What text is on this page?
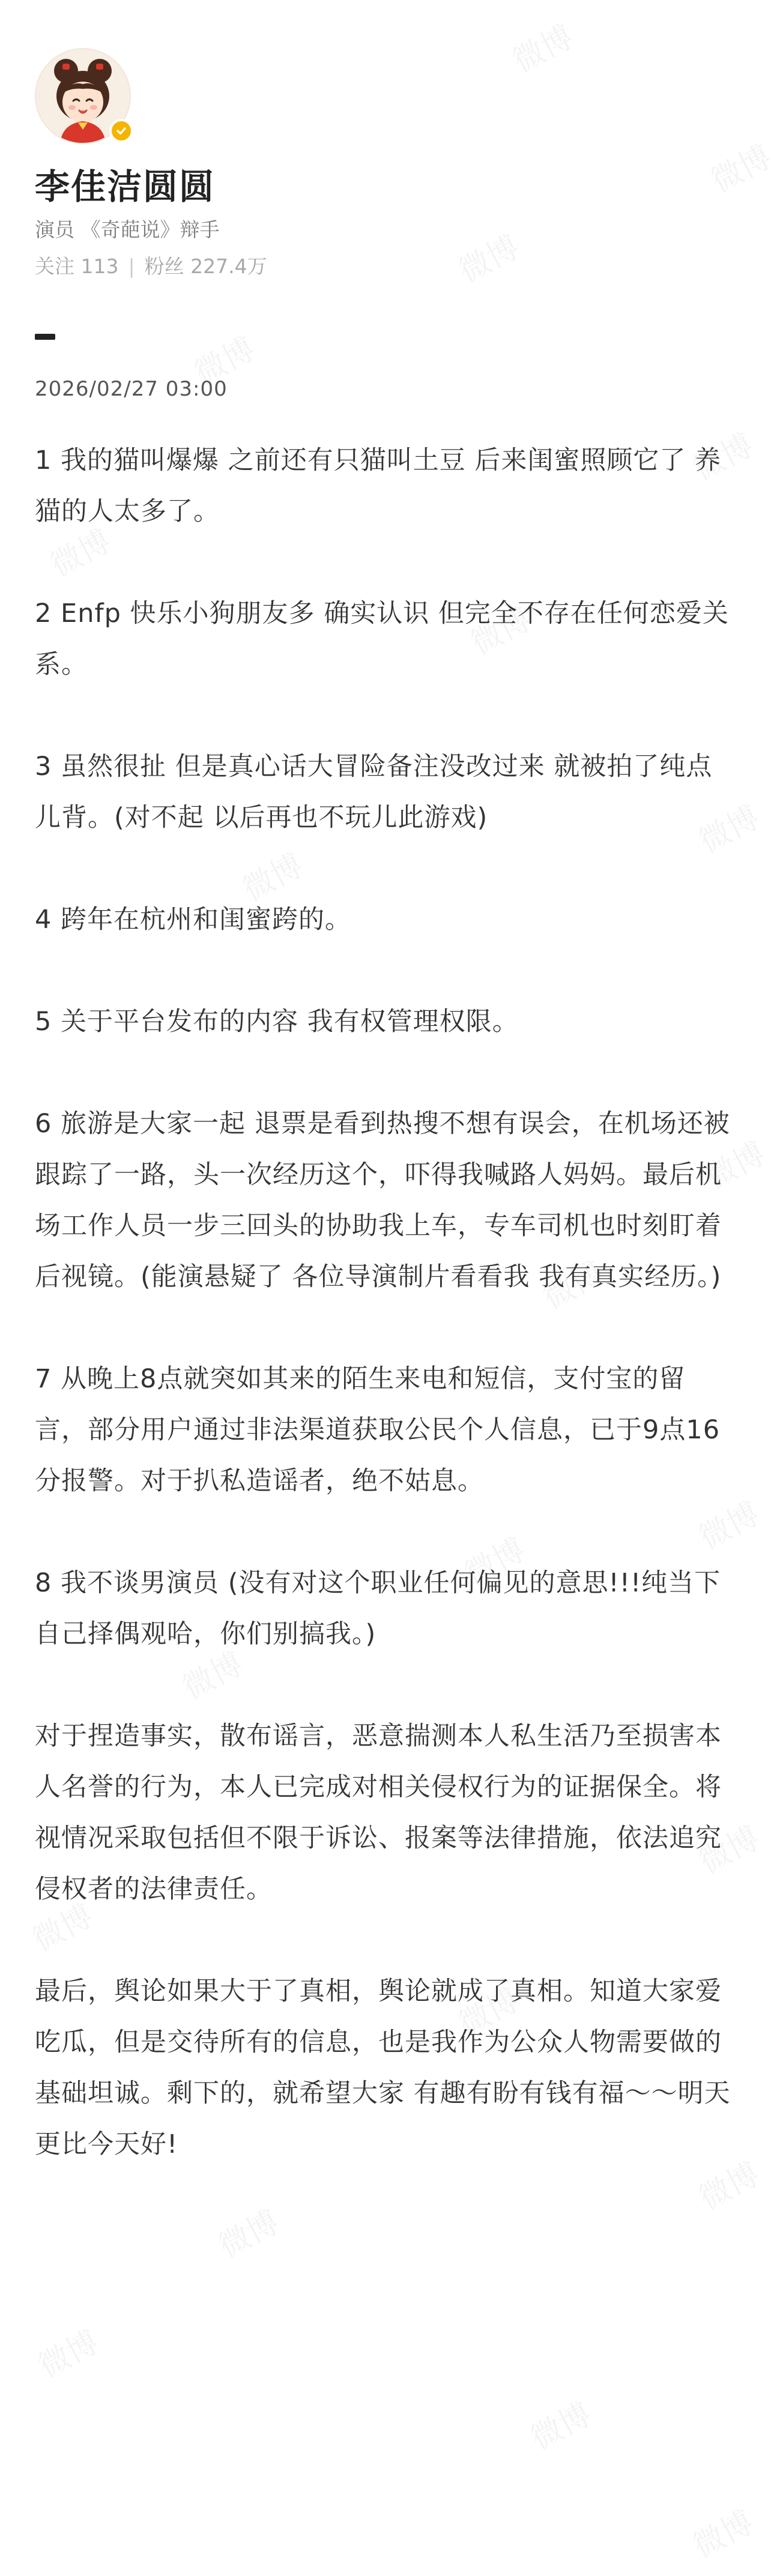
李佳洁圆圆
演员 《奇葩说》辩手
关注 113 | 粉丝 227.4万
2026/02/27 03:00

1 我的猫叫爆爆 之前还有只猫叫土豆 后来闺蜜照顾它了 养猫的人太多了。

2 Enfp 快乐小狗朋友多 确实认识 但完全不存在任何恋爱关系。

3 虽然很扯 但是真心话大冒险备注没改过来 就被拍了纯点儿背。(对不起 以后再也不玩儿此游戏)

4 跨年在杭州和闺蜜跨的。

5 关于平台发布的内容 我有权管理权限。

6 旅游是大家一起 退票是看到热搜不想有误会，在机场还被跟踪了一路，头一次经历这个，吓得我喊路人妈妈。最后机场工作人员一步三回头的协助我上车，专车司机也时刻盯着后视镜。(能演悬疑了 各位导演制片看看我 我有真实经历。)

7 从晚上8点就突如其来的陌生来电和短信，支付宝的留言，部分用户通过非法渠道获取公民个人信息，已于9点16分报警。对于扒私造谣者，绝不姑息。

8 我不谈男演员 (没有对这个职业任何偏见的意思!!!纯当下自己择偶观哈，你们别搞我。)

对于捏造事实，散布谣言，恶意揣测本人私生活乃至损害本人名誉的行为，本人已完成对相关侵权行为的证据保全。将视情况采取包括但不限于诉讼、报案等法律措施，依法追究侵权者的法律责任。

最后，舆论如果大于了真相，舆论就成了真相。知道大家爱吃瓜，但是交待所有的信息，也是我作为公众人物需要做的基础坦诚。剩下的，就希望大家 有趣有盼有钱有福～～明天更比今天好!
